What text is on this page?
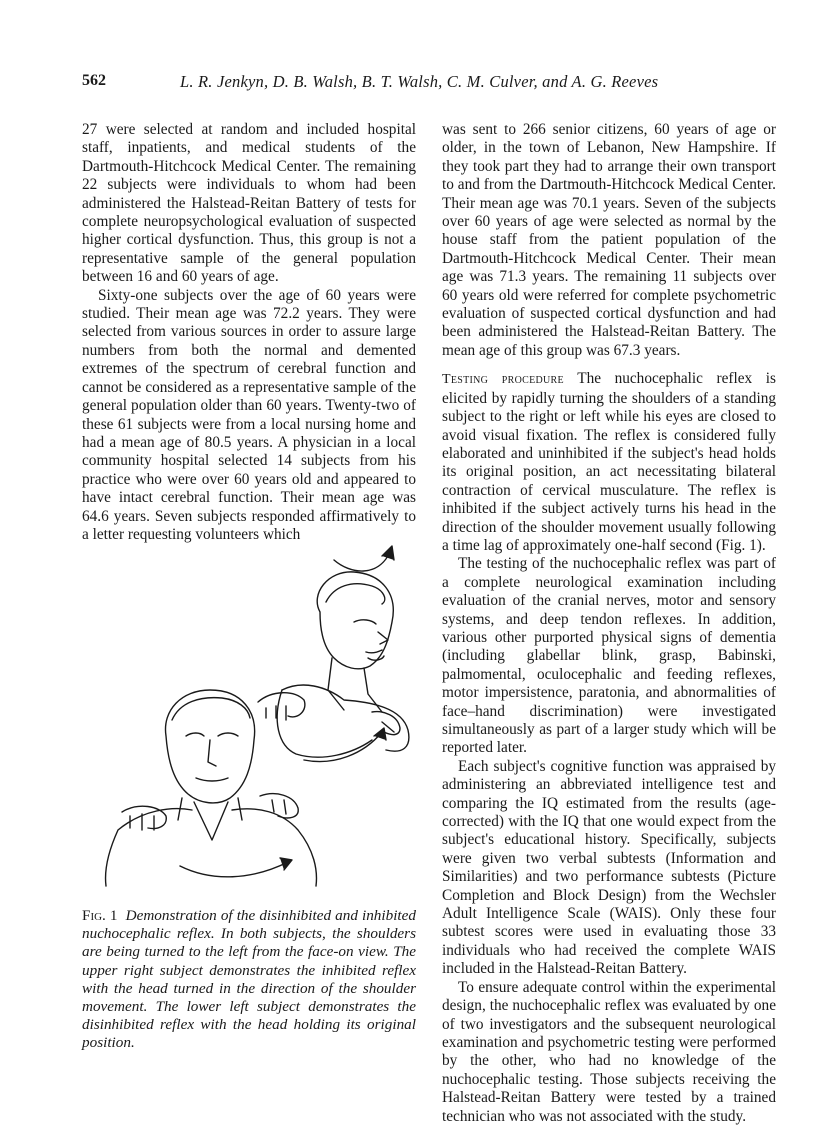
562	L. R. Jenkyn, D. B. Walsh, B. T. Walsh, C. M. Culver, and A. G. Reeves

27 were selected at random and included hospital staff, inpatients, and medical students of the Dartmouth-Hitchcock Medical Center. The remaining 22 subjects were individuals to whom had been administered the Halstead-Reitan Battery of tests for complete neuropsychological evaluation of suspected higher cortical dysfunction. Thus, this group is not a representative sample of the general population between 16 and 60 years of age.

Sixty-one subjects over the age of 60 years were studied. Their mean age was 72.2 years. They were selected from various sources in order to assure large numbers from both the normal and demented extremes of the spectrum of cerebral function and cannot be considered as a representative sample of the general population older than 60 years. Twenty-two of these 61 subjects were from a local nursing home and had a mean age of 80.5 years. A physician in a local community hospital selected 14 subjects from his practice who were over 60 years old and appeared to have intact cerebral function. Their mean age was 64.6 years. Seven subjects responded affirmatively to a letter requesting volunteers which

Fig. 1 Demonstration of the disinhibited and inhibited nuchocephalic reflex. In both subjects, the shoulders are being turned to the left from the face-on view. The upper right subject demonstrates the inhibited reflex with the head turned in the direction of the shoulder movement. The lower left subject demonstrates the disinhibited reflex with the head holding its original position.

was sent to 266 senior citizens, 60 years of age or older, in the town of Lebanon, New Hampshire. If they took part they had to arrange their own transport to and from the Dartmouth-Hitchcock Medical Center. Their mean age was 70.1 years. Seven of the subjects over 60 years of age were selected as normal by the house staff from the patient population of the Dartmouth-Hitchcock Medical Center. Their mean age was 71.3 years. The remaining 11 subjects over 60 years old were referred for complete psychometric evaluation of suspected cortical dysfunction and had been administered the Halstead-Reitan Battery. The mean age of this group was 67.3 years.

Testing procedure The nuchocephalic reflex is elicited by rapidly turning the shoulders of a standing subject to the right or left while his eyes are closed to avoid visual fixation. The reflex is considered fully elaborated and uninhibited if the subject's head holds its original position, an act necessitating bilateral contraction of cervical musculature. The reflex is inhibited if the subject actively turns his head in the direction of the shoulder movement usually following a time lag of approximately one-half second (Fig. 1).

The testing of the nuchocephalic reflex was part of a complete neurological examination including evaluation of the cranial nerves, motor and sensory systems, and deep tendon reflexes. In addition, various other purported physical signs of dementia (including glabellar blink, grasp, Babinski, palmomental, oculocephalic and feeding reflexes, motor impersistence, paratonia, and abnormalities of face–hand discrimination) were investigated simultaneously as part of a larger study which will be reported later.

Each subject's cognitive function was appraised by administering an abbreviated intelligence test and comparing the IQ estimated from the results (age-corrected) with the IQ that one would expect from the subject's educational history. Specifically, subjects were given two verbal subtests (Information and Similarities) and two performance subtests (Picture Completion and Block Design) from the Wechsler Adult Intelligence Scale (WAIS). Only these four subtest scores were used in evaluating those 33 individuals who had received the complete WAIS included in the Halstead-Reitan Battery.

To ensure adequate control within the experimental design, the nuchocephalic reflex was evaluated by one of two investigators and the subsequent neurological examination and psychometric testing were performed by the other, who had no knowledge of the nuchocephalic testing. Those subjects receiving the Halstead-Reitan Battery were tested by a trained technician who was not associated with the study.
